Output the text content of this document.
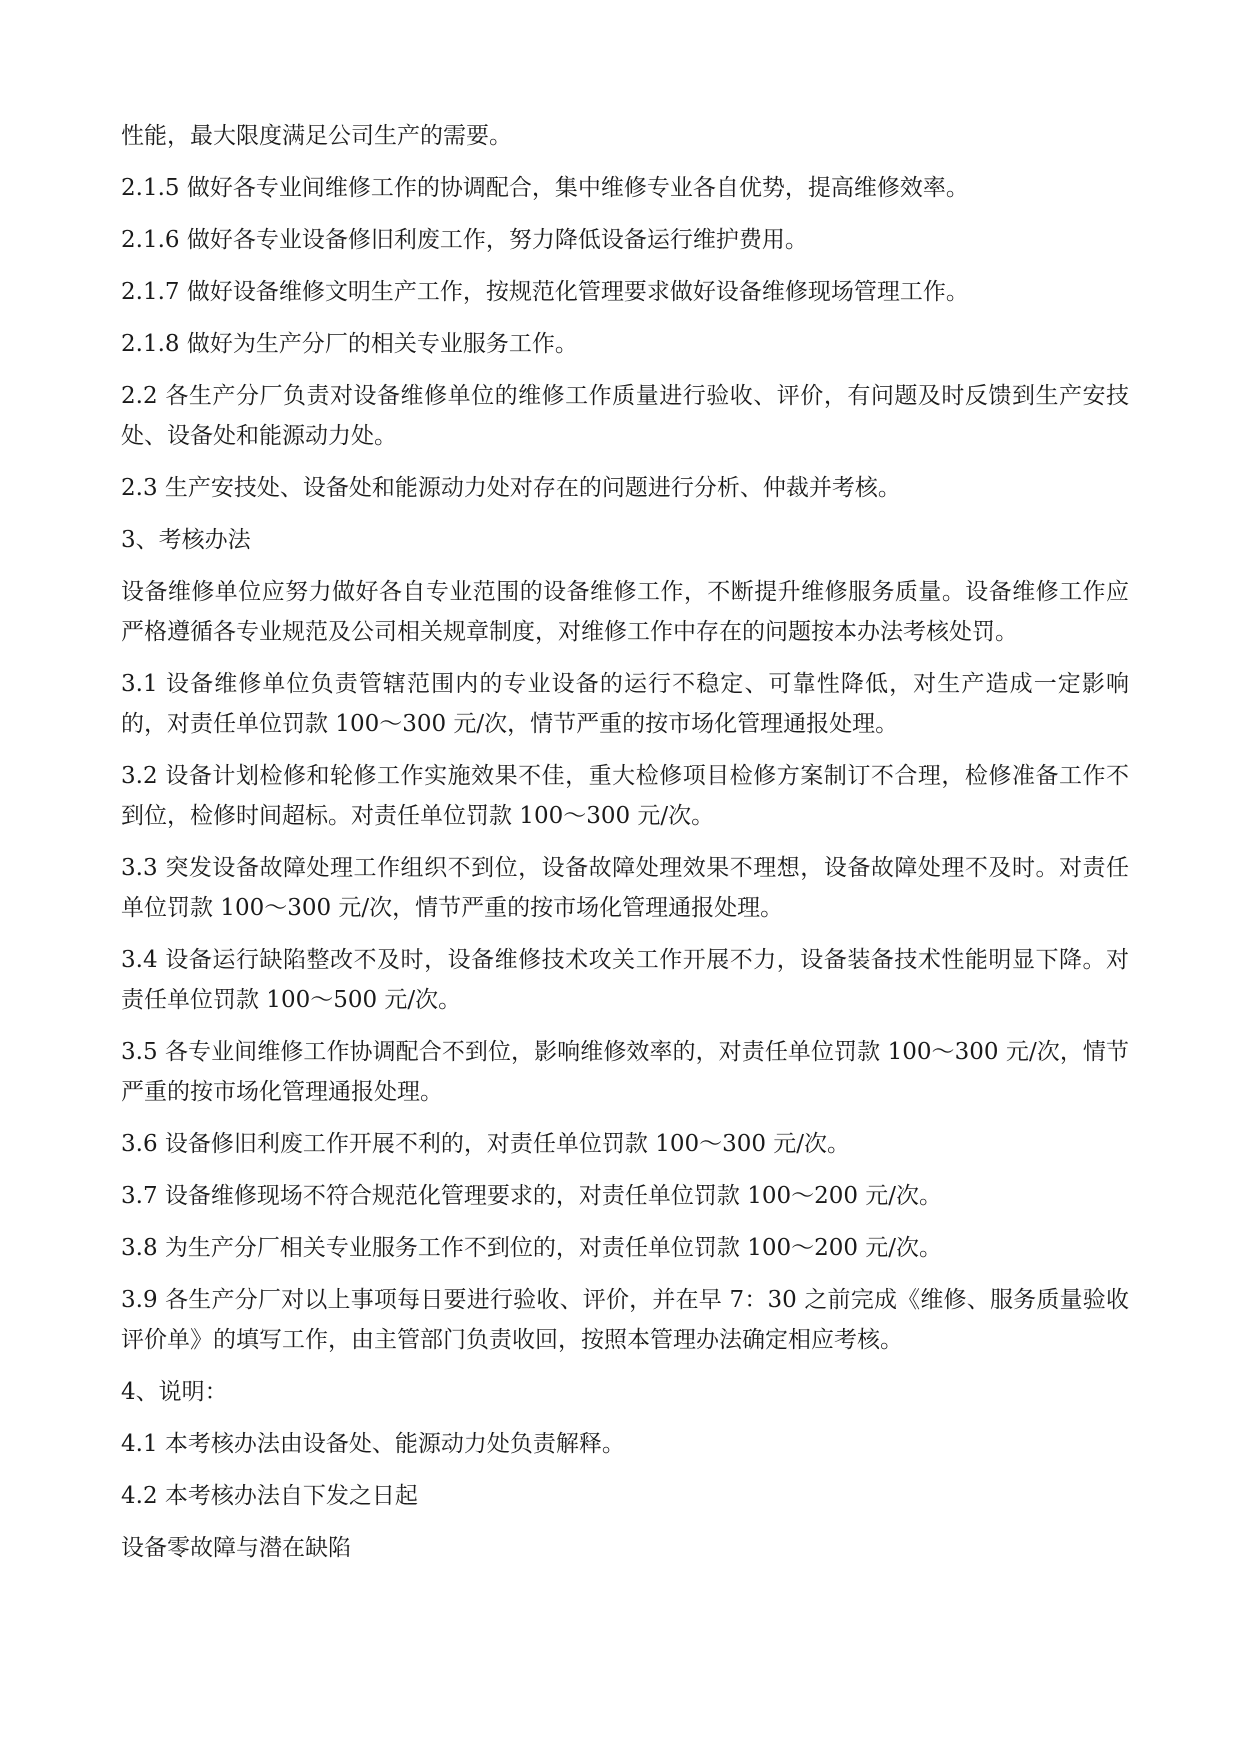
性能，最大限度满足公司生产的需要。

2.1.5 做好各专业间维修工作的协调配合，集中维修专业各自优势，提高维修效率。

2.1.6 做好各专业设备修旧利废工作，努力降低设备运行维护费用。

2.1.7 做好设备维修文明生产工作，按规范化管理要求做好设备维修现场管理工作。

2.1.8 做好为生产分厂的相关专业服务工作。

2.2 各生产分厂负责对设备维修单位的维修工作质量进行验收、评价，有问题及时反馈到生产安技处、设备处和能源动力处。

2.3 生产安技处、设备处和能源动力处对存在的问题进行分析、仲裁并考核。

3、考核办法

设备维修单位应努力做好各自专业范围的设备维修工作，不断提升维修服务质量。设备维修工作应严格遵循各专业规范及公司相关规章制度，对维修工作中存在的问题按本办法考核处罚。

3.1 设备维修单位负责管辖范围内的专业设备的运行不稳定、可靠性降低，对生产造成一定影响的，对责任单位罚款 100～300 元/次，情节严重的按市场化管理通报处理。

3.2 设备计划检修和轮修工作实施效果不佳，重大检修项目检修方案制订不合理，检修准备工作不到位，检修时间超标。对责任单位罚款 100～300 元/次。

3.3 突发设备故障处理工作组织不到位，设备故障处理效果不理想，设备故障处理不及时。对责任单位罚款 100～300 元/次，情节严重的按市场化管理通报处理。

3.4 设备运行缺陷整改不及时，设备维修技术攻关工作开展不力，设备装备技术性能明显下降。对责任单位罚款 100～500 元/次。

3.5 各专业间维修工作协调配合不到位，影响维修效率的，对责任单位罚款 100～300 元/次，情节严重的按市场化管理通报处理。

3.6 设备修旧利废工作开展不利的，对责任单位罚款 100～300 元/次。

3.7 设备维修现场不符合规范化管理要求的，对责任单位罚款 100～200 元/次。

3.8 为生产分厂相关专业服务工作不到位的，对责任单位罚款 100～200 元/次。

3.9 各生产分厂对以上事项每日要进行验收、评价，并在早 7：30 之前完成《维修、服务质量验收评价单》的填写工作，由主管部门负责收回，按照本管理办法确定相应考核。

4、说明：

4.1 本考核办法由设备处、能源动力处负责解释。

4.2 本考核办法自下发之日起

设备零故障与潜在缺陷
